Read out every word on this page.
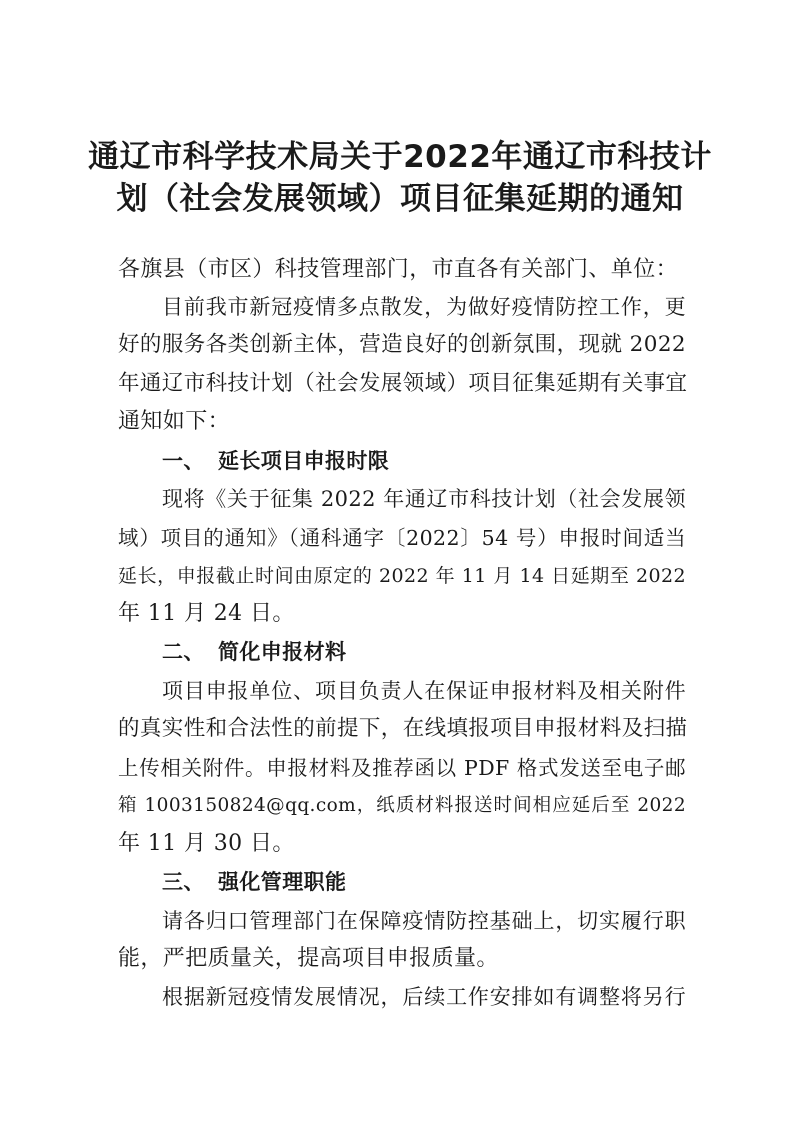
通辽市科学技术局关于2022年通辽市科技计
划（社会发展领域）项目征集延期的通知
各旗县（市区）科技管理部门，市直各有关部门、单位：
目前我市新冠疫情多点散发，为做好疫情防控工作，更
好的服务各类创新主体，营造良好的创新氛围，现就 2022
年通辽市科技计划（社会发展领域）项目征集延期有关事宜
通知如下：
一、 延长项目申报时限
现将《关于征集 2022 年通辽市科技计划（社会发展领
域）项目的通知》（通科通字〔2022〕54 号）申报时间适当
延长，申报截止时间由原定的 2022 年 11 月 14 日延期至 2022
年 11 月 24 日。
二、 简化申报材料
项目申报单位、项目负责人在保证申报材料及相关附件
的真实性和合法性的前提下，在线填报项目申报材料及扫描
上传相关附件。申报材料及推荐函以 PDF 格式发送至电子邮
箱 1003150824@qq.com，纸质材料报送时间相应延后至 2022
年 11 月 30 日。
三、 强化管理职能
请各归口管理部门在保障疫情防控基础上，切实履行职
能，严把质量关，提高项目申报质量。
根据新冠疫情发展情况，后续工作安排如有调整将另行
